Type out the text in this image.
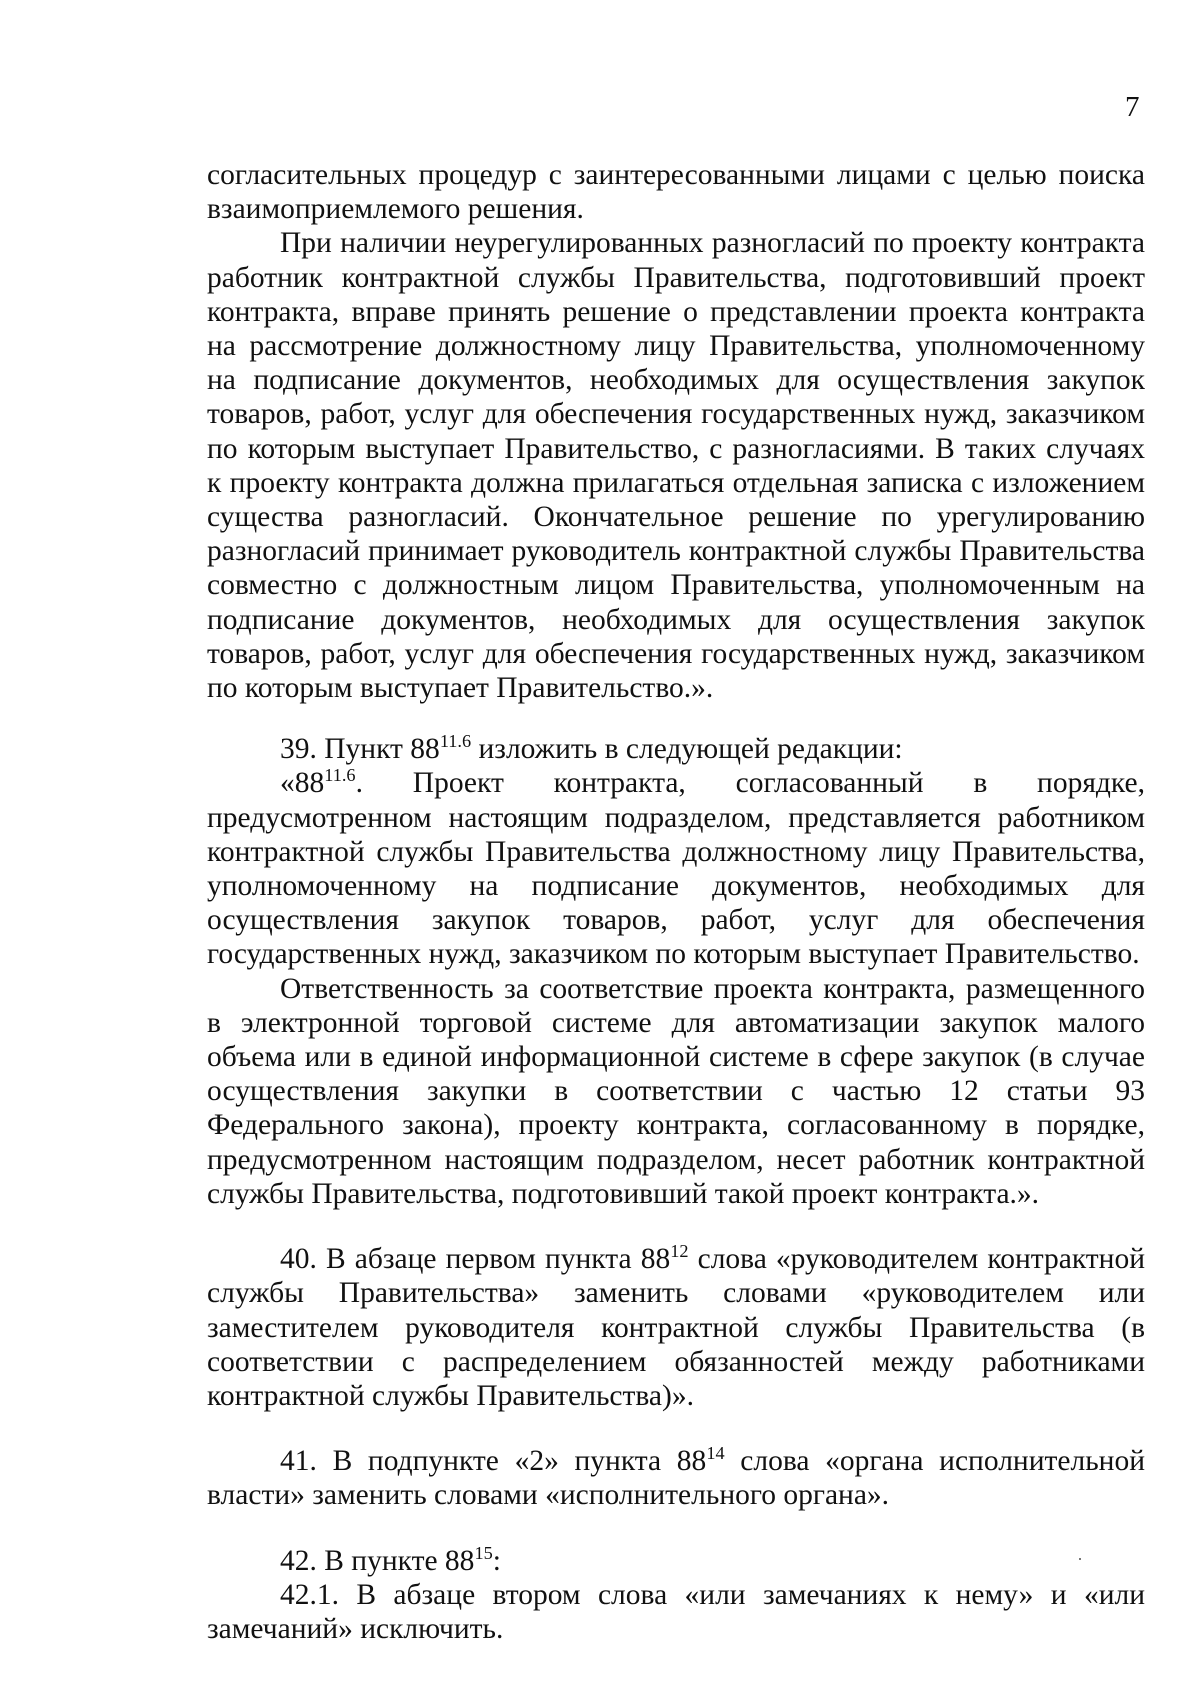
7

согласительных процедур с заинтересованными лицами с целью поиска взаимоприемлемого решения.

При наличии неурегулированных разногласий по проекту контракта работник контрактной службы Правительства, подготовивший проект контракта, вправе принять решение о представлении проекта контракта на рассмотрение должностному лицу Правительства, уполномоченному на подписание документов, необходимых для осуществления закупок товаров, работ, услуг для обеспечения государственных нужд, заказчиком по которым выступает Правительство, с разногласиями. В таких случаях к проекту контракта должна прилагаться отдельная записка с изложением существа разногласий. Окончательное решение по урегулированию разногласий принимает руководитель контрактной службы Правительства совместно с должностным лицом Правительства, уполномоченным на подписание документов, необходимых для осуществления закупок товаров, работ, услуг для обеспечения государственных нужд, заказчиком по которым выступает Правительство.».

39. Пункт $88^{11.6}$ изложить в следующей редакции:

«$88^{11.6}$. Проект контракта, согласованный в порядке, предусмотренном настоящим подразделом, представляется работником контрактной службы Правительства должностному лицу Правительства, уполномоченному на подписание документов, необходимых для осуществления закупок товаров, работ, услуг для обеспечения государственных нужд, заказчиком по которым выступает Правительство.

Ответственность за соответствие проекта контракта, размещенного в электронной торговой системе для автоматизации закупок малого объема или в единой информационной системе в сфере закупок (в случае осуществления закупки в соответствии с частью 12 статьи 93 Федерального закона), проекту контракта, согласованному в порядке, предусмотренном настоящим подразделом, несет работник контрактной службы Правительства, подготовивший такой проект контракта.».

40. В абзаце первом пункта $88^{12}$ слова «руководителем контрактной службы Правительства» заменить словами «руководителем или заместителем руководителя контрактной службы Правительства (в соответствии с распределением обязанностей между работниками контрактной службы Правительства)».

41. В подпункте «2» пункта $88^{14}$ слова «органа исполнительной власти» заменить словами «исполнительного органа».

42. В пункте $88^{15}$:

42.1. В абзаце втором слова «или замечаниях к нему» и «или замечаний» исключить.
